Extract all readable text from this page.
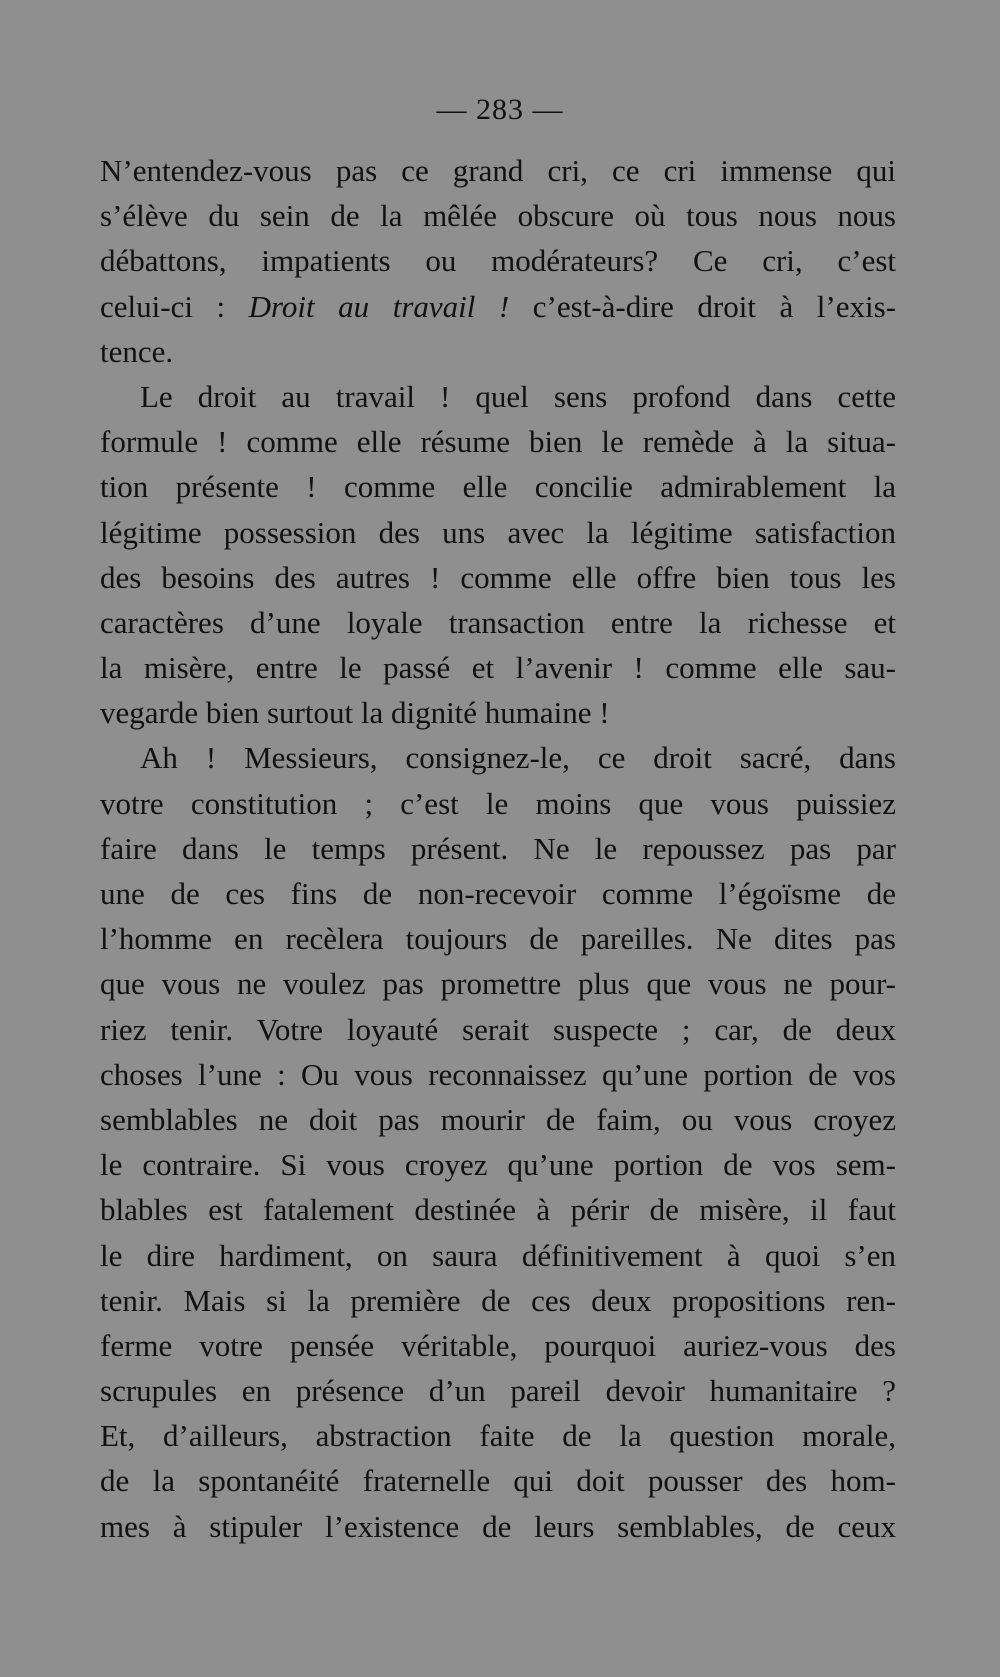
— 283 —
N’entendez-vous pas ce grand cri, ce cri immense qui
s’élève du sein de la mêlée obscure où tous nous nous
débattons, impatients ou modérateurs? Ce cri, c’est
celui-ci : Droit au travail ! c’est-à-dire droit à l’exis-
tence.
Le droit au travail ! quel sens profond dans cette
formule ! comme elle résume bien le remède à la situa-
tion présente ! comme elle concilie admirablement la
légitime possession des uns avec la légitime satisfaction
des besoins des autres ! comme elle offre bien tous les
caractères d’une loyale transaction entre la richesse et
la misère, entre le passé et l’avenir ! comme elle sau-
vegarde bien surtout la dignité humaine !
Ah ! Messieurs, consignez-le, ce droit sacré, dans
votre constitution ; c’est le moins que vous puissiez
faire dans le temps présent. Ne le repoussez pas par
une de ces fins de non-recevoir comme l’égoïsme de
l’homme en recèlera toujours de pareilles. Ne dites pas
que vous ne voulez pas promettre plus que vous ne pour-
riez tenir. Votre loyauté serait suspecte ; car, de deux
choses l’une : Ou vous reconnaissez qu’une portion de vos
semblables ne doit pas mourir de faim, ou vous croyez
le contraire. Si vous croyez qu’une portion de vos sem-
blables est fatalement destinée à périr de misère, il faut
le dire hardiment, on saura définitivement à quoi s’en
tenir. Mais si la première de ces deux propositions ren-
ferme votre pensée véritable, pourquoi auriez-vous des
scrupules en présence d’un pareil devoir humanitaire ?
Et, d’ailleurs, abstraction faite de la question morale,
de la spontanéité fraternelle qui doit pousser des hom-
mes à stipuler l’existence de leurs semblables, de ceux
